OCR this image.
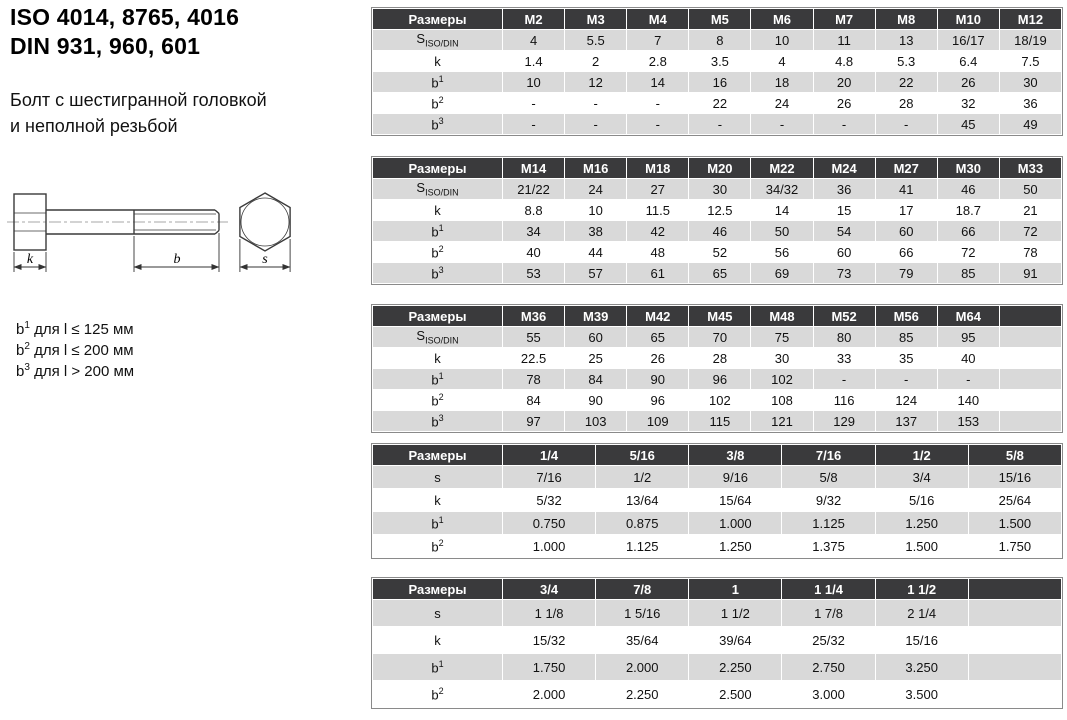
ISO 4014, 8765, 4016
DIN 931, 960, 601

Болт с шестигранной головкой

и неполной резьбой

k	b	s
$b^1$ для l ≤ 125 мм
$b^2$ для l ≤ 200 мм
$b^3$ для l > 200 мм
Размеры	M2	M3	M4	M5	M6	M7	M8	M10	M12
$S_{ISO/DIN}$	4	5.5	7	8	10	11	13	16/17	18/19
k	1.4	2	2.8	3.5	4	4.8	5.3	6.4	7.5
$b^1$	10	12	14	16	18	20	22	26	30
$b^2$	-	-	-	22	24	26	28	32	36
$b^3$	-	-	-	-	-	-	-	45	49
Размеры	M14	M16	M18	M20	M22	M24	M27	M30	M33
$S_{ISO/DIN}$	21/22	24	27	30	34/32	36	41	46	50
k	8.8	10	11.5	12.5	14	15	17	18.7	21
$b^1$	34	38	42	46	50	54	60	66	72
$b^2$	40	44	48	52	56	60	66	72	78
$b^3$	53	57	61	65	69	73	79	85	91
Размеры	M36	M39	M42	M45	M48	M52	M56	M64	
$S_{ISO/DIN}$	55	60	65	70	75	80	85	95	
k	22.5	25	26	28	30	33	35	40	
$b^1$	78	84	90	96	102	-	-	-	
$b^2$	84	90	96	102	108	116	124	140	
$b^3$	97	103	109	115	121	129	137	153	
Размеры	1/4	5/16	3/8	7/16	1/2	5/8
s	7/16	1/2	9/16	5/8	3/4	15/16
k	5/32	13/64	15/64	9/32	5/16	25/64
$b^1$	0.750	0.875	1.000	1.125	1.250	1.500
$b^2$	1.000	1.125	1.250	1.375	1.500	1.750
Размеры	3/4	7/8	1	1 1/4	1 1/2	
s	1 1/8	1 5/16	1 1/2	1 7/8	2 1/4	
k	15/32	35/64	39/64	25/32	15/16	
$b^1$	1.750	2.000	2.250	2.750	3.250	
$b^2$	2.000	2.250	2.500	3.000	3.500	
